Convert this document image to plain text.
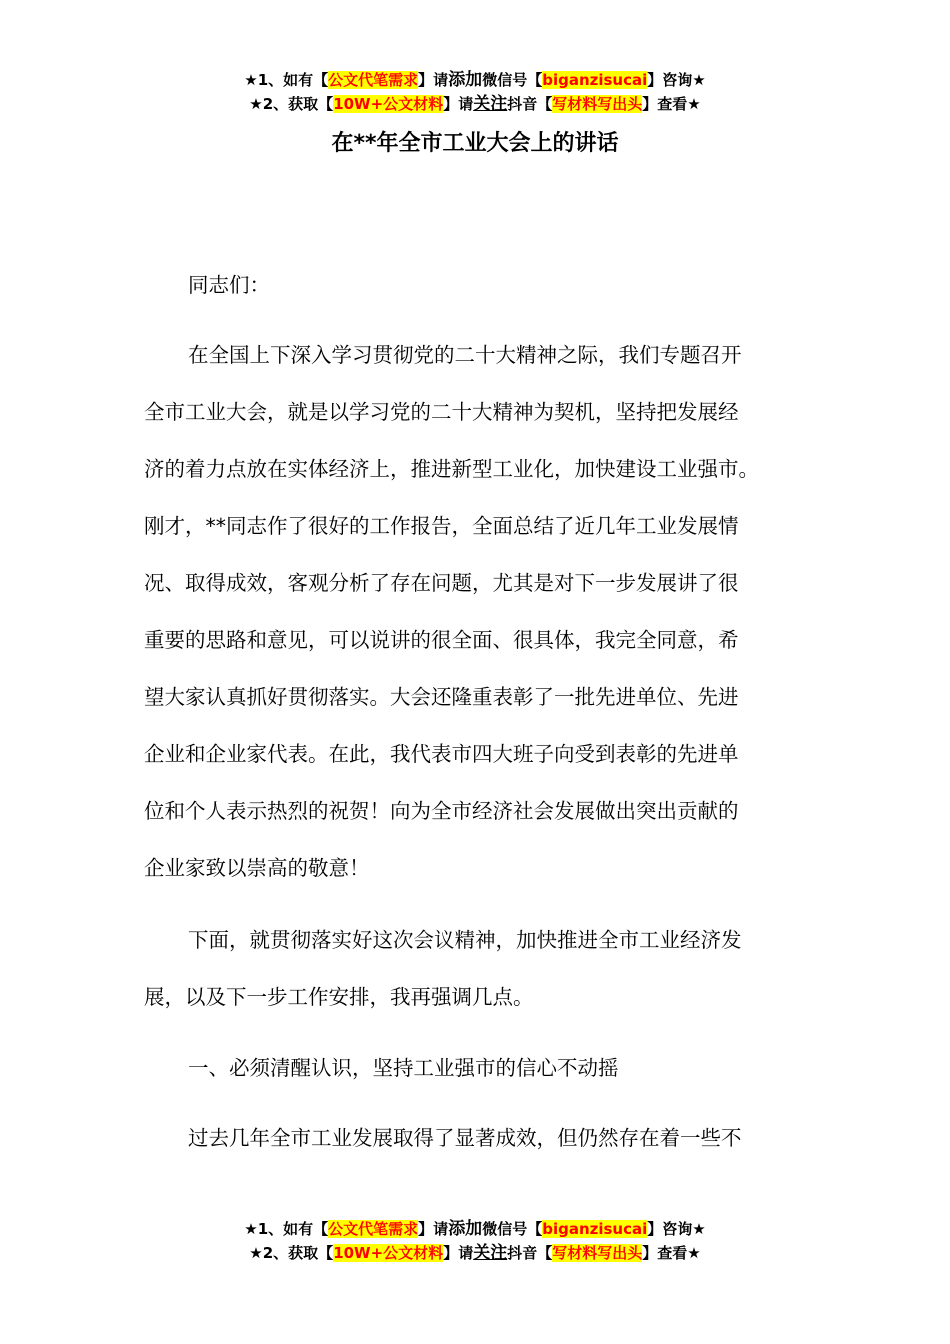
★1、如有【公文代笔需求】请添加微信号【biganzisucai】咨询★
★2、获取【10W+公文材料】请关注抖音【写材料写出头】查看★
在**年全市工业大会上的讲话
同志们：
在全国上下深入学习贯彻党的二十大精神之际，我们专题召开
全市工业大会，就是以学习党的二十大精神为契机，坚持把发展经
济的着力点放在实体经济上，推进新型工业化，加快建设工业强市。
刚才，**同志作了很好的工作报告，全面总结了近几年工业发展情
况、取得成效，客观分析了存在问题，尤其是对下一步发展讲了很
重要的思路和意见，可以说讲的很全面、很具体，我完全同意，希
望大家认真抓好贯彻落实。大会还隆重表彰了一批先进单位、先进
企业和企业家代表。在此，我代表市四大班子向受到表彰的先进单
位和个人表示热烈的祝贺！向为全市经济社会发展做出突出贡献的
企业家致以崇高的敬意！
下面，就贯彻落实好这次会议精神，加快推进全市工业经济发
展，以及下一步工作安排，我再强调几点。
一、必须清醒认识，坚持工业强市的信心不动摇
过去几年全市工业发展取得了显著成效，但仍然存在着一些不
★1、如有【公文代笔需求】请添加微信号【biganzisucai】咨询★
★2、获取【10W+公文材料】请关注抖音【写材料写出头】查看★
